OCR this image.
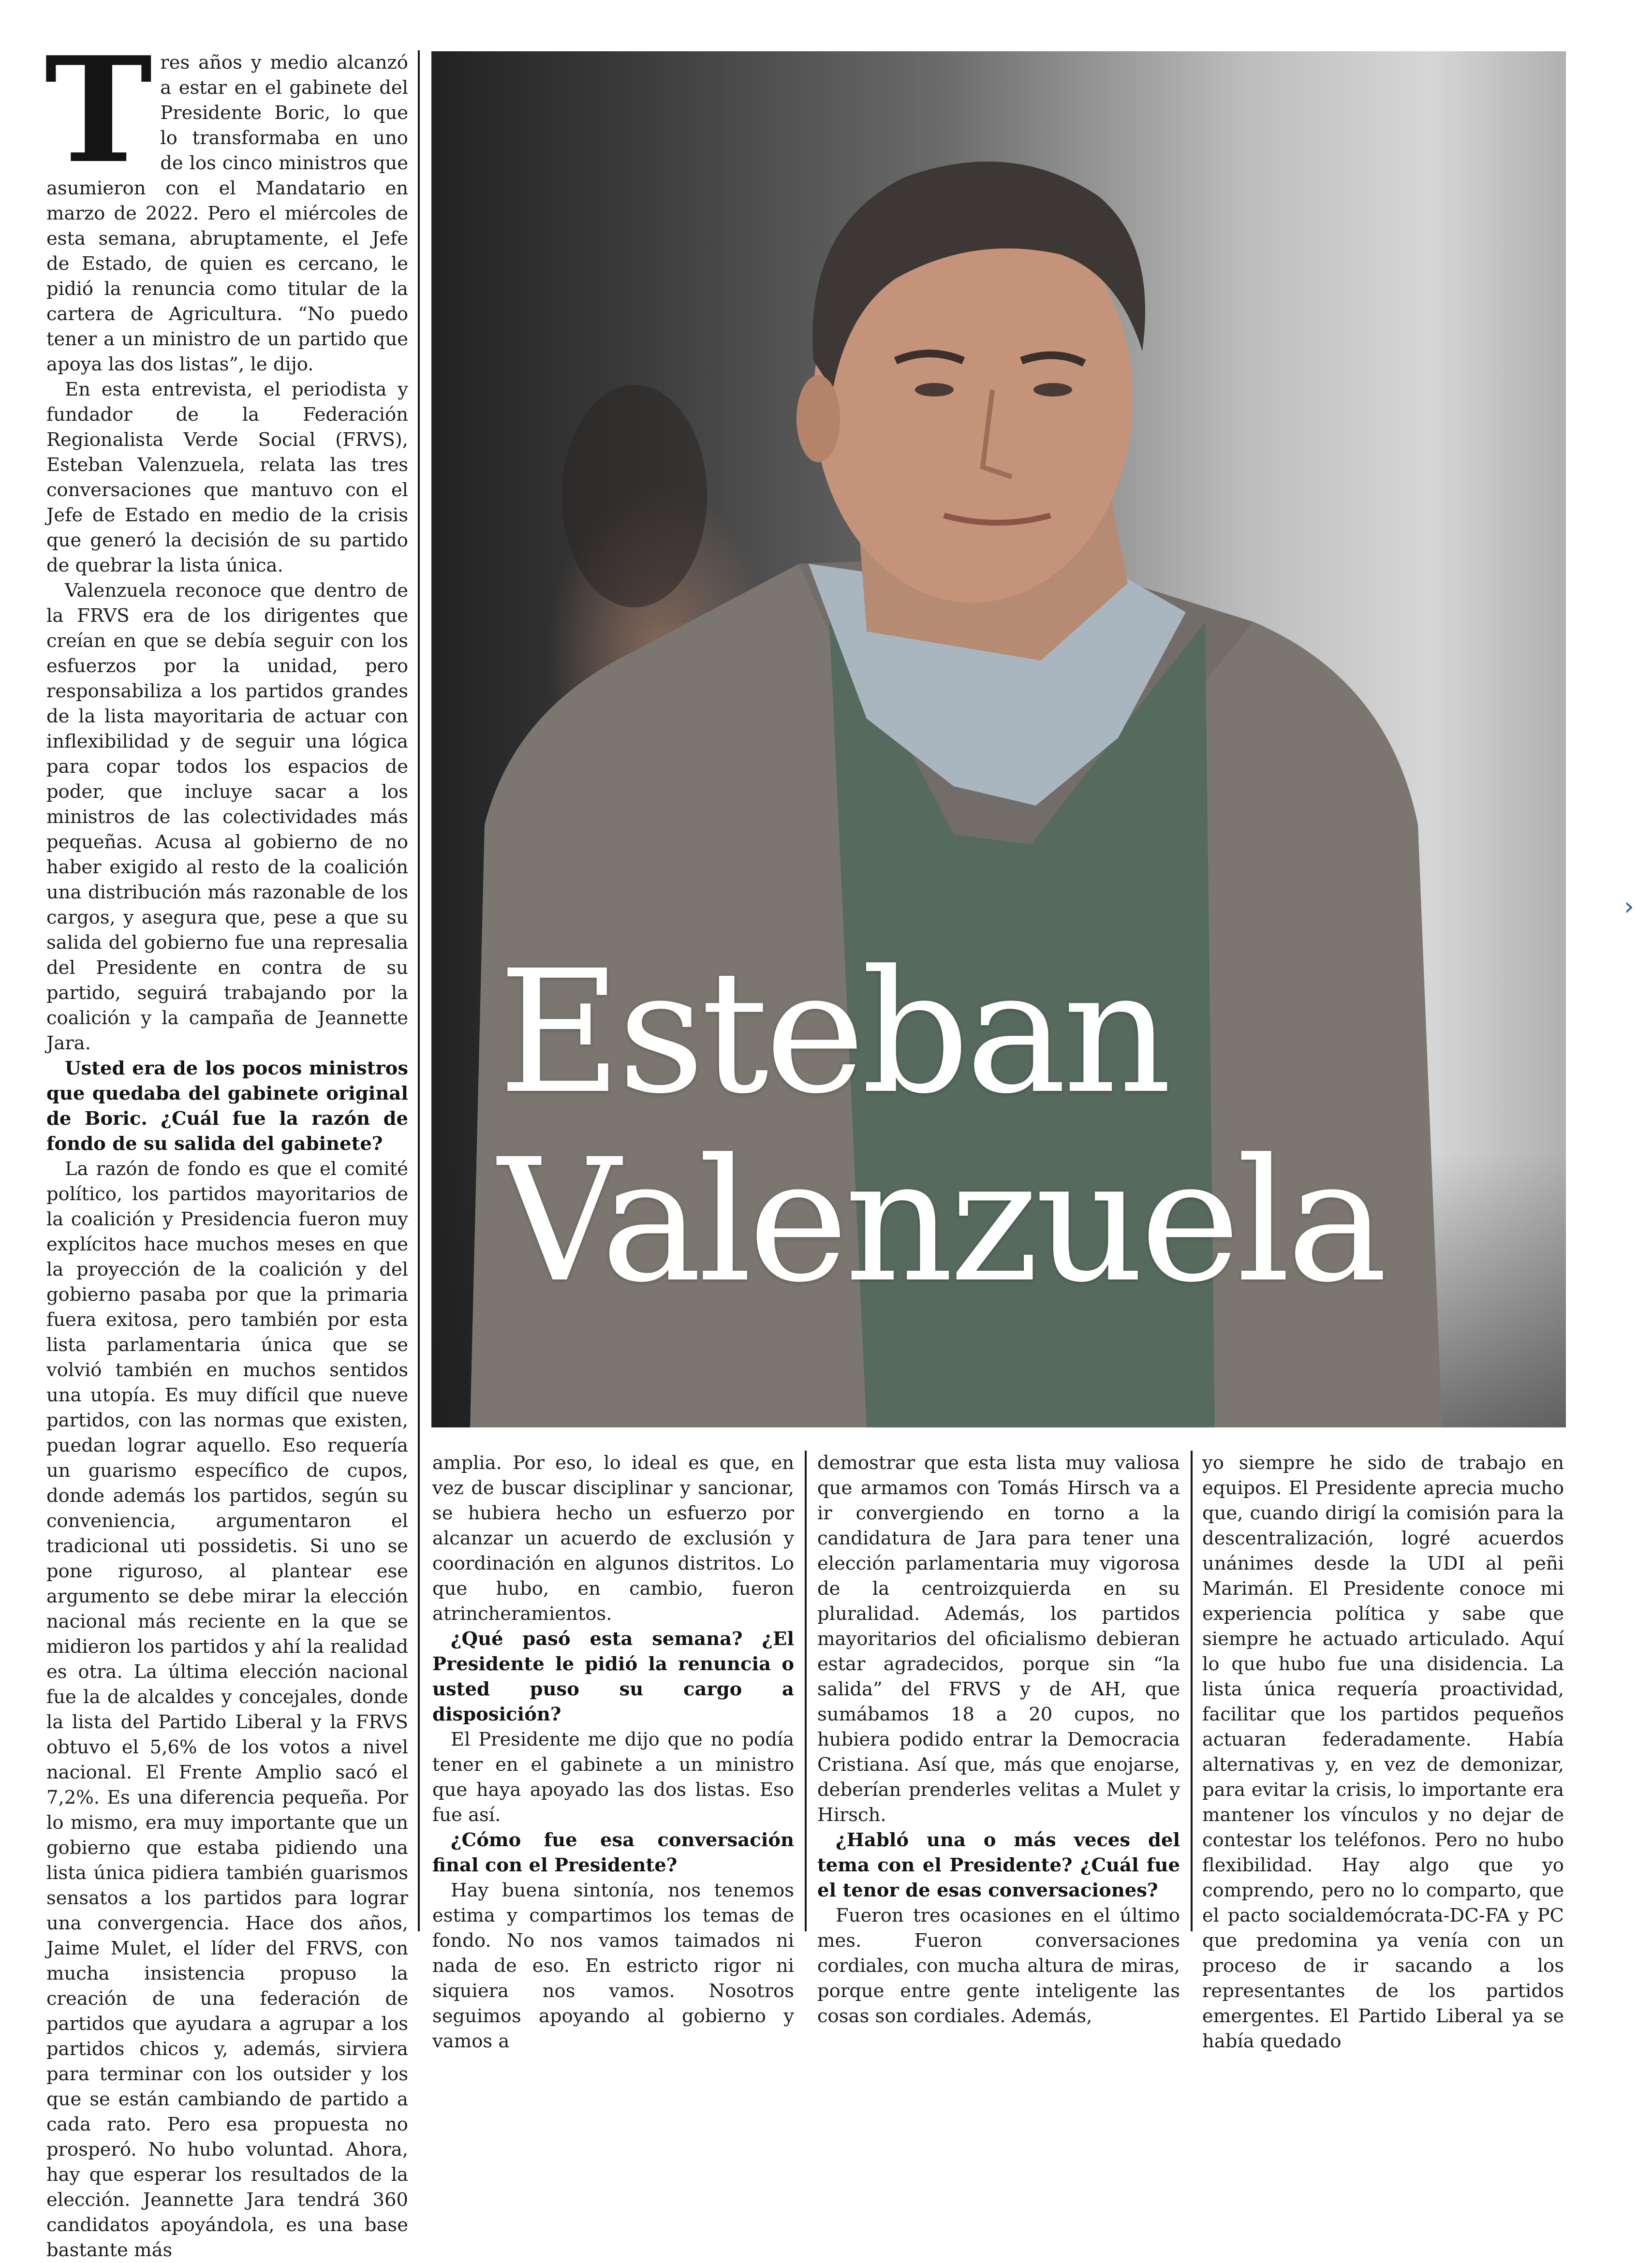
Tres años y medio alcanzó a estar en el gabinete del Presidente Boric, lo que lo transformaba en uno de los cinco ministros que asumieron con el Mandatario en marzo de 2022. Pero el miércoles de esta semana, abruptamente, el Jefe de Estado, de quien es cercano, le pidió la renuncia como titular de la cartera de Agricultura. “No puedo tener a un ministro de un partido que apoya las dos listas”, le dijo.

En esta entrevista, el periodista y fundador de la Federación Regionalista Verde Social (FRVS), Esteban Valenzuela, relata las tres conversaciones que mantuvo con el Jefe de Estado en medio de la crisis que generó la decisión de su partido de quebrar la lista única.

Valenzuela reconoce que dentro de la FRVS era de los dirigentes que creían en que se debía seguir con los esfuerzos por la unidad, pero responsabiliza a los partidos grandes de la lista mayoritaria de actuar con inflexibilidad y de seguir una lógica para copar todos los espacios de poder, que incluye sacar a los ministros de las colectividades más pequeñas. Acusa al gobierno de no haber exigido al resto de la coalición una distribución más razonable de los cargos, y asegura que, pese a que su salida del gobierno fue una represalia del Presidente en contra de su partido, seguirá trabajando por la coalición y la campaña de Jeannette Jara.

Usted era de los pocos ministros que quedaba del gabinete original de Boric. ¿Cuál fue la razón de fondo de su salida del gabinete?

La razón de fondo es que el comité político, los partidos mayoritarios de la coalición y Presidencia fueron muy explícitos hace muchos meses en que la proyección de la coalición y del gobierno pasaba por que la primaria fuera exitosa, pero también por esta lista parlamentaria única que se volvió también en muchos sentidos una utopía. Es muy difícil que nueve partidos, con las normas que existen, puedan lograr aquello. Eso requería un guarismo específico de cupos, donde además los partidos, según su conveniencia, argumentaron el tradicional uti possidetis. Si uno se pone riguroso, al plantear ese argumento se debe mirar la elección nacional más reciente en la que se midieron los partidos y ahí la realidad es otra. La última elección nacional fue la de alcaldes y concejales, donde la lista del Partido Liberal y la FRVS obtuvo el 5,6% de los votos a nivel nacional. El Frente Amplio sacó el 7,2%. Es una diferencia pequeña. Por lo mismo, era muy importante que un gobierno que estaba pidiendo una lista única pidiera también guarismos sensatos a los partidos para lograr una convergencia. Hace dos años, Jaime Mulet, el líder del FRVS, con mucha insistencia propuso la creación de una federación de partidos que ayudara a agrupar a los partidos chicos y, además, sirviera para terminar con los outsider y los que se están cambiando de partido a cada rato. Pero esa propuesta no prosperó. No hubo voluntad. Ahora, hay que esperar los resultados de la elección. Jeannette Jara tendrá 360 candidatos apoyándola, es una base bastante más

Esteban
Valenzuela

amplia. Por eso, lo ideal es que, en vez de buscar disciplinar y sancionar, se hubiera hecho un esfuerzo por alcanzar un acuerdo de exclusión y coordinación en algunos distritos. Lo que hubo, en cambio, fueron atrincheramientos.

¿Qué pasó esta semana? ¿El Presidente le pidió la renuncia o usted puso su cargo a disposición?

El Presidente me dijo que no podía tener en el gabinete a un ministro que haya apoyado las dos listas. Eso fue así.

¿Cómo fue esa conversación final con el Presidente?

Hay buena sintonía, nos tenemos estima y compartimos los temas de fondo. No nos vamos taimados ni nada de eso. En estricto rigor ni siquiera nos vamos. Nosotros seguimos apoyando al gobierno y vamos a

demostrar que esta lista muy valiosa que armamos con Tomás Hirsch va a ir convergiendo en torno a la candidatura de Jara para tener una elección parlamentaria muy vigorosa de la centroizquierda en su pluralidad. Además, los partidos mayoritarios del oficialismo debieran estar agradecidos, porque sin “la salida” del FRVS y de AH, que sumábamos 18 a 20 cupos, no hubiera podido entrar la Democracia Cristiana. Así que, más que enojarse, deberían prenderles velitas a Mulet y Hirsch.

¿Habló una o más veces del tema con el Presidente? ¿Cuál fue el tenor de esas conversaciones?

Fueron tres ocasiones en el último mes. Fueron conversaciones cordiales, con mucha altura de miras, porque entre gente inteligente las cosas son cordiales. Además,

yo siempre he sido de trabajo en equipos. El Presidente aprecia mucho que, cuando dirigí la comisión para la descentralización, logré acuerdos unánimes desde la UDI al peñi Marimán. El Presidente conoce mi experiencia política y sabe que siempre he actuado articulado. Aquí lo que hubo fue una disidencia. La lista única requería proactividad, facilitar que los partidos pequeños actuaran federadamente. Había alternativas y, en vez de demonizar, para evitar la crisis, lo importante era mantener los vínculos y no dejar de contestar los teléfonos. Pero no hubo flexibilidad. Hay algo que yo comprendo, pero no lo comparto, que el pacto socialdemócrata-DC-FA y PC que predomina ya venía con un proceso de ir sacando a los representantes de los partidos emergentes. El Partido Liberal ya se había quedado

›
